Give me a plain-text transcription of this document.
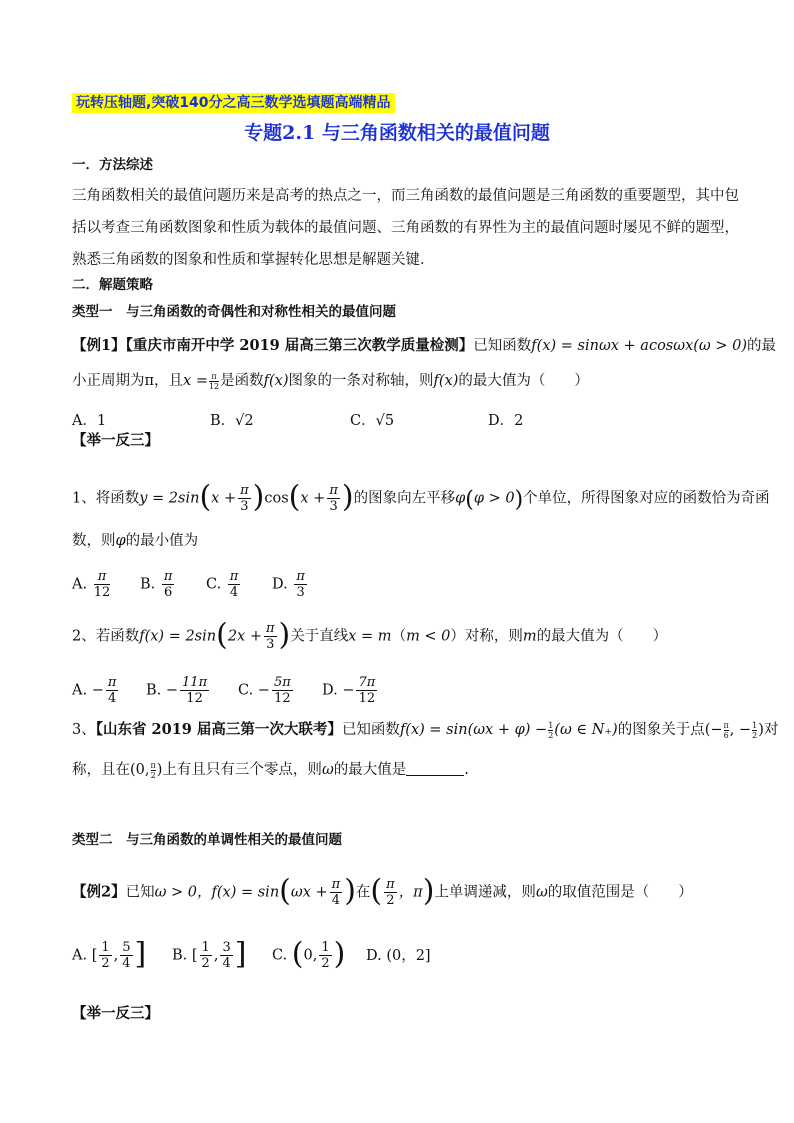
玩转压轴题,突破140分之高三数学选填题高端精品
专题2.1 与三角函数相关的最值问题
一．方法综述
三角函数相关的最值问题历来是高考的热点之一，而三角函数的最值问题是三角函数的重要题型，其中包
括以考查三角函数图象和性质为载体的最值问题、三角函数的有界性为主的最值问题时屡见不鲜的题型，
熟悉三角函数的图象和性质和掌握转化思想是解题关键．
二．解题策略
类型一　与三角函数的奇偶性和对称性相关的最值问题
【例1】【重庆市南开中学 2019 届高三第三次教学质量检测】已知函数f(x) = sinωx + acosωx(ω > 0)的最
小正周期为π，且$x = \frac{\pi}{12}$ 是函数f(x)图象的一条对称轴，则f(x)的最大值为（　　）
A．1	B．√2	C．√5	D．2
【举一反三】
1、将函数$y = 2\sin(x + \frac{\pi}{3} )\cos(x + \frac{\pi}{3}$ )的图象向左平移φ(φ > 0)个单位，所得图象对应的函数恰为奇函
数，则φ的最小值为
A. $\frac{\pi}{12} B$. $\frac{\pi}{6} C$. $\frac{\pi}{4} D$. $\frac{\pi}{3}$
2、若函数$f(x) = 2\sin(2x + \frac{\pi}{3}$ )关于直线x = m（m < 0）对称，则m的最大值为（　　）
A. − $\frac{\pi}{4} B$. − $\frac{11\pi}{12} C$. − $\frac{5\pi}{12} D$. − $\frac{7\pi}{12}$
3、【山东省 2019 届高三第一次大联考】已知函数$f(x) = \sin(\omega x + \varphi) - \frac{1}{2} (\omega$ ∈ N₊)的图象关于点(− $\frac{\pi}{6}$ , − $\frac{1}{2}$ )对
称，且在(0, $\frac{\pi}{2}$ )上有且只有三个零点，则ω的最大值是	.
类型二　与三角函数的单调性相关的最值问题
【例2】已知ω > 0，$f(x) = \sin(\omega x + \frac{\pi}{4}$ )在( $\frac{\pi}{2}$ ，π)上单调递减，则ω的取值范围是（　　）
A. [ $\frac{1}{2}$ , $\frac{5}{4}$ ] B. [ $\frac{1}{2}$ , $\frac{3}{4}$ ] C. (0, $\frac{1}{2}$ ) D. (0，2]
【举一反三】
